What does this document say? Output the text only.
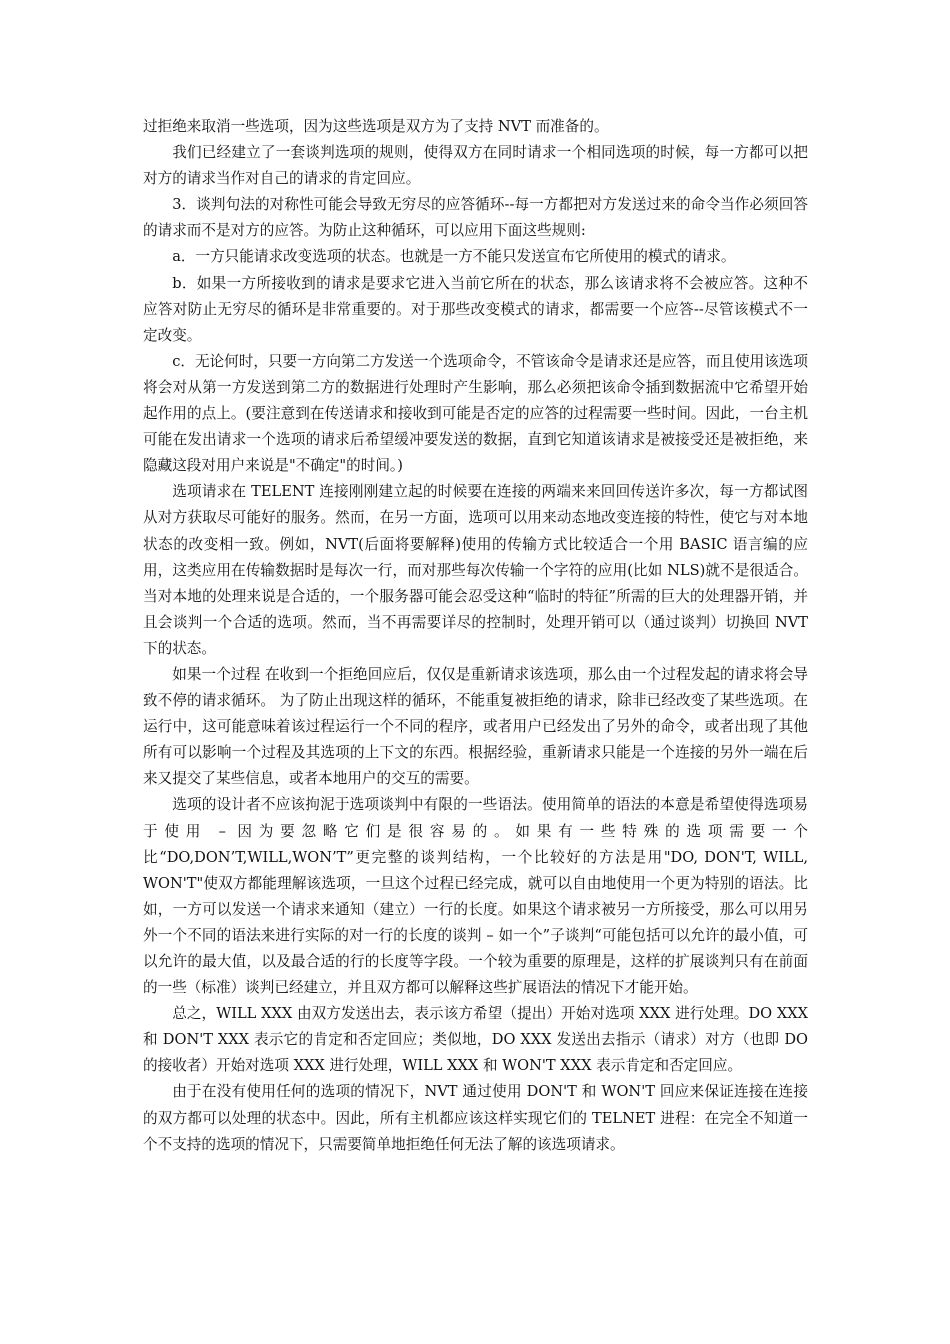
过拒绝来取消一些选项，因为这些选项是双方为了支持 NVT 而准备的。

我们已经建立了一套谈判选项的规则，使得双方在同时请求一个相同选项的时候，每一方都可以把对方的请求当作对自己的请求的肯定回应。

3．谈判句法的对称性可能会导致无穷尽的应答循环--每一方都把对方发送过来的命令当作必须回答的请求而不是对方的应答。为防止这种循环，可以应用下面这些规则:

a．一方只能请求改变选项的状态。也就是一方不能只发送宣布它所使用的模式的请求。

b．如果一方所接收到的请求是要求它进入当前它所在的状态，那么该请求将不会被应答。这种不应答对防止无穷尽的循环是非常重要的。对于那些改变模式的请求，都需要一个应答--尽管该模式不一定改变。

c．无论何时，只要一方向第二方发送一个选项命令，不管该命令是请求还是应答，而且使用该选项将会对从第一方发送到第二方的数据进行处理时产生影响，那么必须把该命令插到数据流中它希望开始起作用的点上。(要注意到在传送请求和接收到可能是否定的应答的过程需要一些时间。因此，一台主机可能在发出请求一个选项的请求后希望缓冲要发送的数据，直到它知道该请求是被接受还是被拒绝，来隐藏这段对用户来说是"不确定"的时间。)

选项请求在 TELENT 连接刚刚建立起的时候要在连接的两端来来回回传送许多次，每一方都试图从对方获取尽可能好的服务。然而，在另一方面，选项可以用来动态地改变连接的特性，使它与对本地状态的改变相一致。例如，NVT(后面将要解释)使用的传输方式比较适合一个用 BASIC 语言编的应用，这类应用在传输数据时是每次一行，而对那些每次传输一个字符的应用(比如 NLS)就不是很适合。当对本地的处理来说是合适的，一个服务器可能会忍受这种“临时的特征”所需的巨大的处理器开销，并且会谈判一个合适的选项。然而，当不再需要详尽的控制时，处理开销可以（通过谈判）切换回 NVT 下的状态。

如果一个过程 在收到一个拒绝回应后，仅仅是重新请求该选项，那么由一个过程发起的请求将会导致不停的请求循环。 为了防止出现这样的循环，不能重复被拒绝的请求，除非已经改变了某些选项。在运行中，这可能意味着该过程运行一个不同的程序，或者用户已经发出了另外的命令，或者出现了其他所有可以影响一个过程及其选项的上下文的东西。根据经验，重新请求只能是一个连接的另外一端在后来又提交了某些信息，或者本地用户的交互的需要。

选项的设计者不应该拘泥于选项谈判中有限的一些语法。使用简单的语法的本意是希望使得选项易于使用 – 因为要忽略它们是很容易的。如果有一些特殊的选项需要一个比“DO,DON’T,WILL,WON’T”更完整的谈判结构，一个比较好的方法是用"DO, DON'T, WILL, WON'T"使双方都能理解该选项，一旦这个过程已经完成，就可以自由地使用一个更为特别的语法。比如，一方可以发送一个请求来通知（建立）一行的长度。如果这个请求被另一方所接受，那么可以用另外一个不同的语法来进行实际的对一行的长度的谈判 – 如一个”子谈判“可能包括可以允许的最小值，可以允许的最大值，以及最合适的行的长度等字段。一个较为重要的原理是，这样的扩展谈判只有在前面的一些（标准）谈判已经建立，并且双方都可以解释这些扩展语法的情况下才能开始。

总之，WILL XXX 由双方发送出去，表示该方希望（提出）开始对选项 XXX 进行处理。DO XXX 和 DON'T XXX 表示它的肯定和否定回应；类似地，DO XXX 发送出去指示（请求）对方（也即 DO 的接收者）开始对选项 XXX 进行处理，WILL XXX 和 WON'T XXX 表示肯定和否定回应。

由于在没有使用任何的选项的情况下，NVT 通过使用 DON'T 和 WON'T 回应来保证连接在连接的双方都可以处理的状态中。因此，所有主机都应该这样实现它们的 TELNET 进程：在完全不知道一个不支持的选项的情况下，只需要简单地拒绝任何无法了解的该选项请求。
